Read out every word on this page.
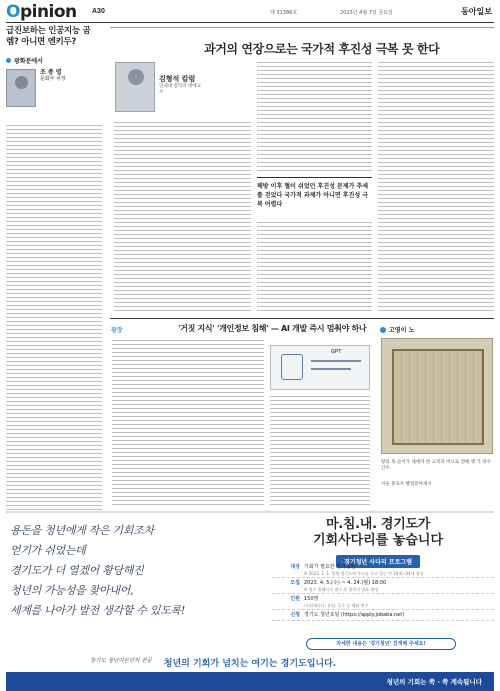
Opinion A30	제 31386호	2023년 4월 7일 금요일	동아일보
급진보하는 인공지능 곰렘? 아니면 엔키두?
광화문에서
조 종 엽
문화부 차장
과거의 연장으로는 국가적 후진성 극복 못 한다
김형석 칼럼
연세대 철학과 명예교수
해방 이후 혈이 쉬었던 후진성 문제가 추세를 걷었다 국가적 과제가 아니면 후진성 극복 어렵다
광장	'거짓 지식' '개인정보 침해' — AI 개발 즉시 멈춰야 하나
GPT
고영이 노
왕의 목 들어가 대에자 한 교직과 여으로 전해 행 가 강수 간수.
서울 홍욱우 빨점분야개시
용돈을 청년에게 작은 기회조차
얻기가 쉬었는데
경기도가 더 열겠어 황당해진
청년의 가능성을 찾아내어,
세계를 나아가 발전 생각할 수 있도록!
창가도 청년여론단의 전문
마.침.내. 경기도가
기회사다리를 놓습니다
경기청년 사다리 프로그램
대상 기회가 필요한 경기청년
※ 2023. 1. 1. 현재 경기도에 주소를 두고 있는 만 19세~34세 청년
모집 2023. 4. 5.(수) ~ 4. 24.(월) 18:00
※ 접수 홈페이지 접수 후 합격자 발표 예정
인원 150명
미국/캐나다, 유럽, 호주 등 해외 연수
신청 경기도 청년포털 (https://apply.jobaba.net)
자세한 내용은 '경기청년' 검색해 주세요!
청년의 기회가 넘치는 여기는 경기도입니다.
청년의 기회는 쭉 · 쭉 계속됩니다
